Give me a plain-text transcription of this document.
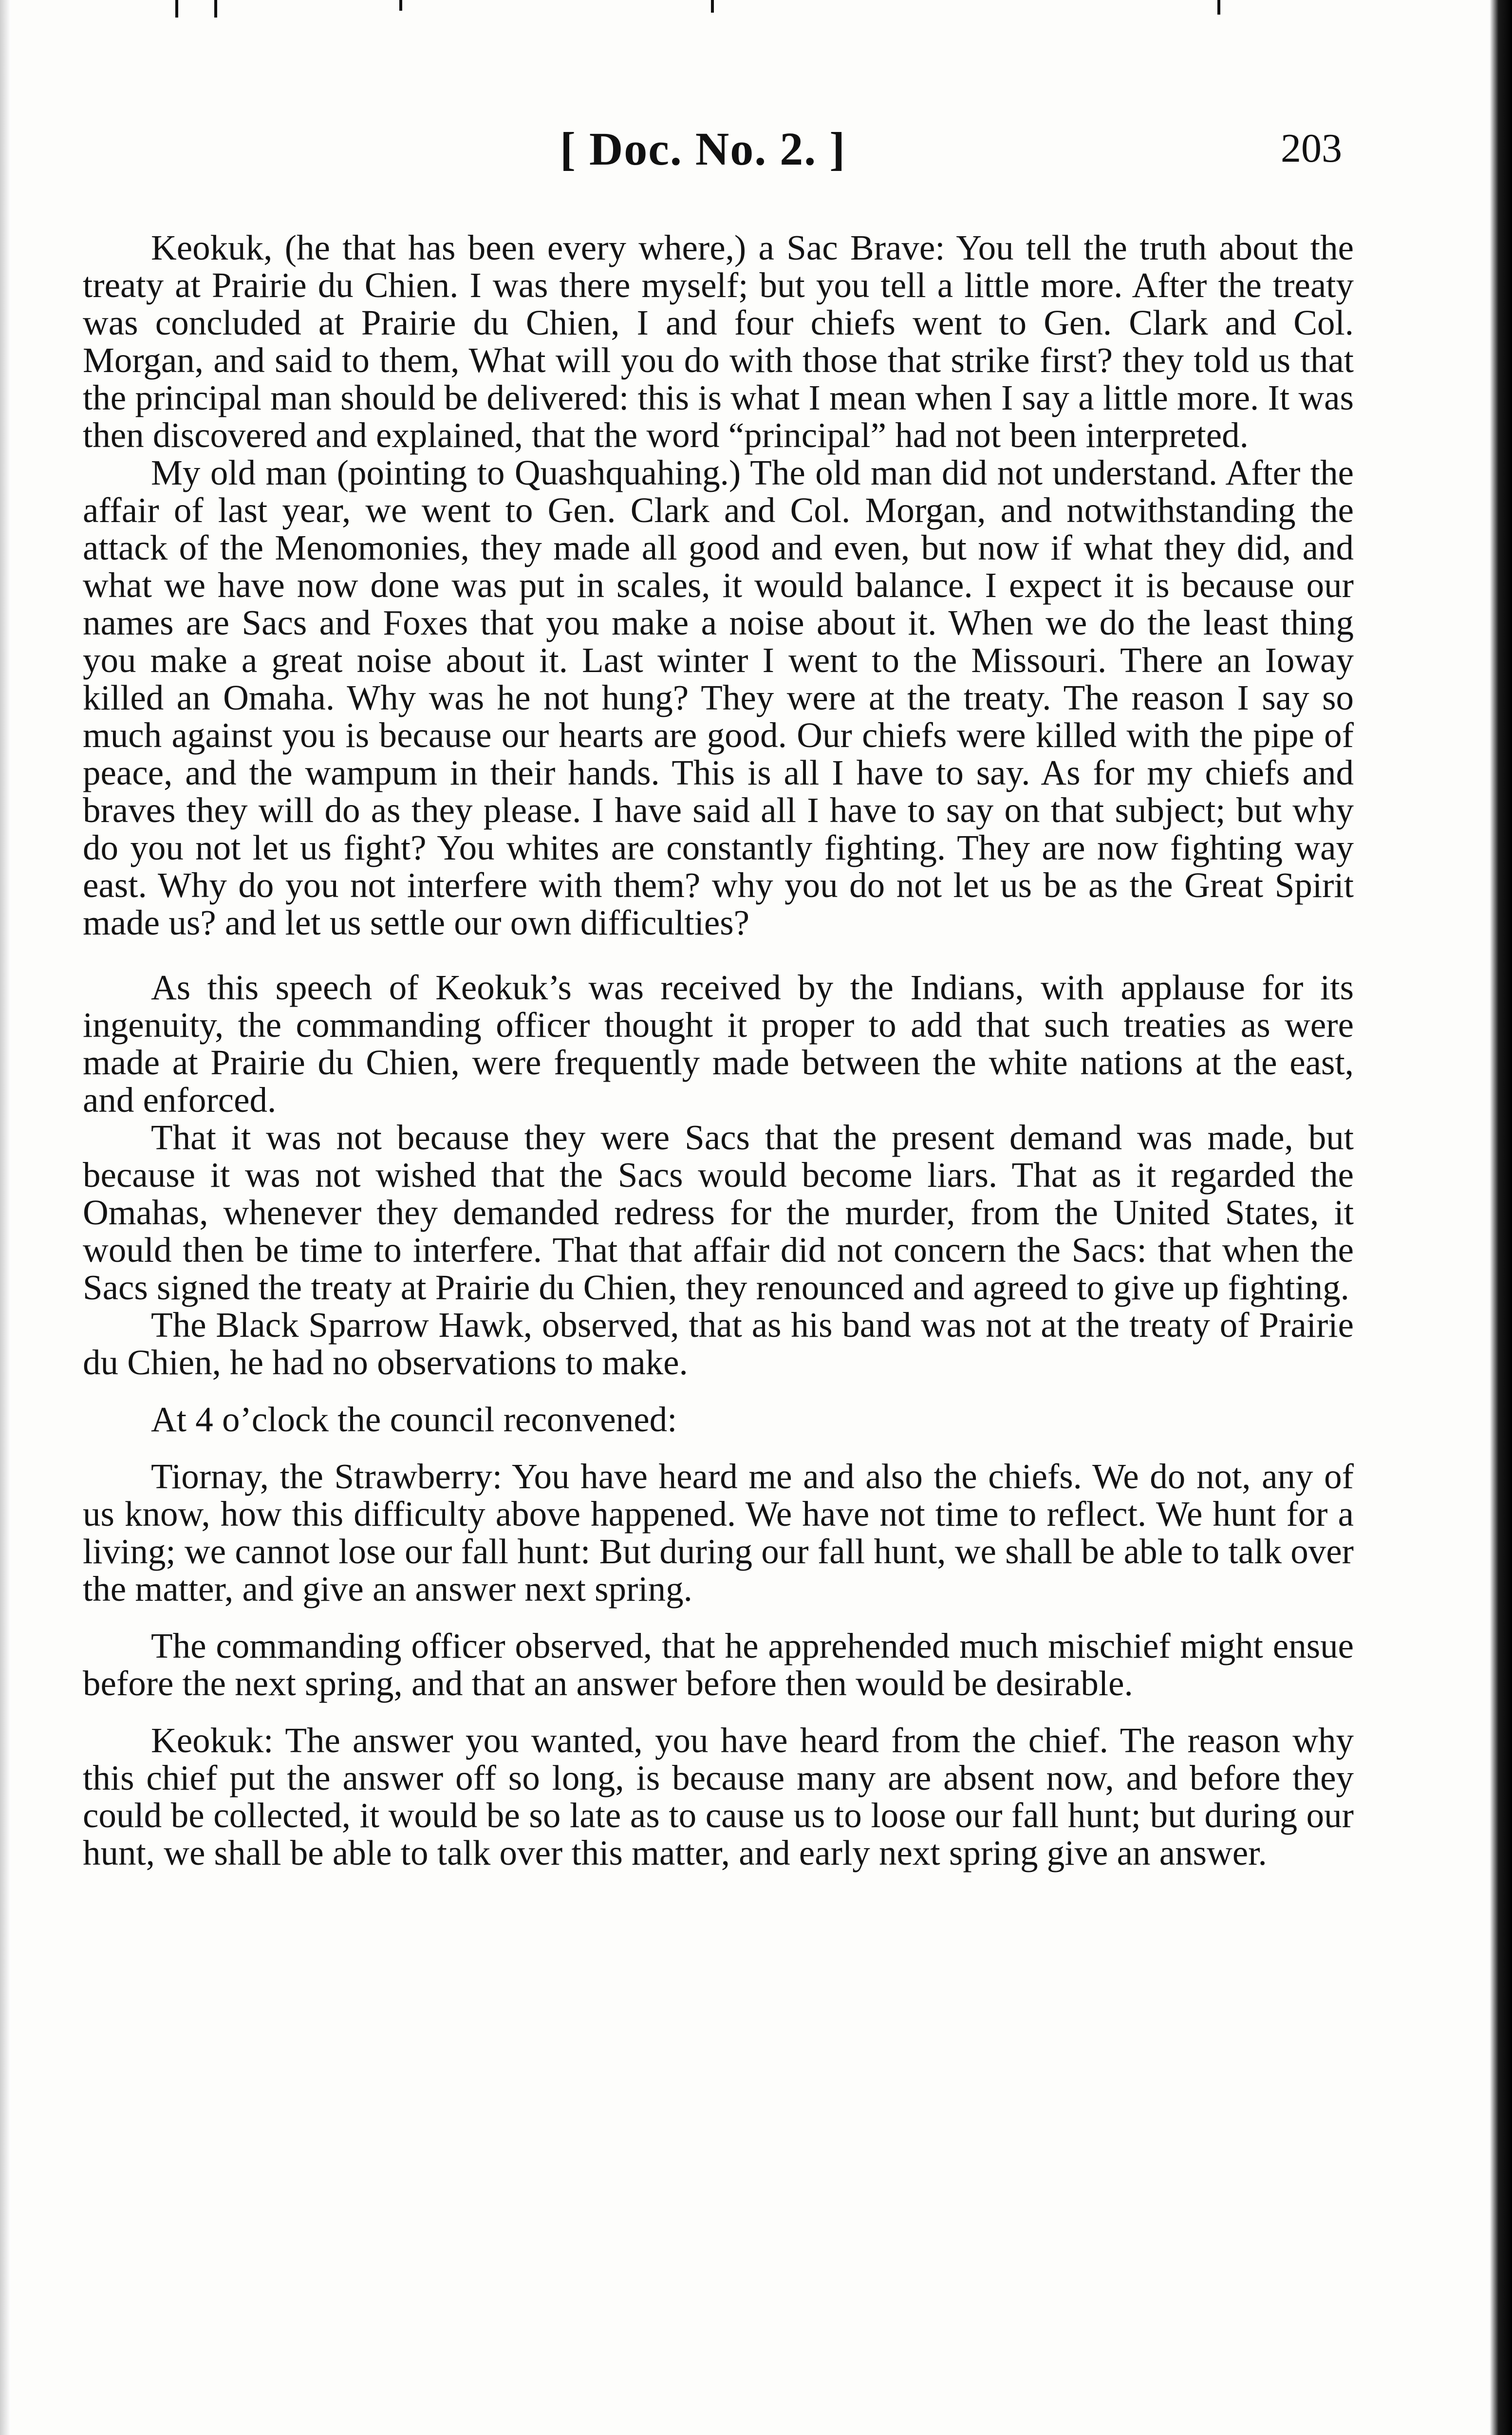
[ Doc. No. 2. ]	203

Keokuk, (he that has been every where,) a Sac Brave: You tell the truth about the treaty at Prairie du Chien. I was there myself; but you tell a little more. After the treaty was concluded at Prairie du Chien, I and four chiefs went to Gen. Clark and Col. Morgan, and said to them, What will you do with those that strike first? they told us that the principal man should be delivered: this is what I mean when I say a little more. It was then discovered and explained, that the word “principal” had not been interpreted.

My old man (pointing to Quashquahing.) The old man did not understand. After the affair of last year, we went to Gen. Clark and Col. Morgan, and notwithstanding the attack of the Menomonies, they made all good and even, but now if what they did, and what we have now done was put in scales, it would balance. I expect it is because our names are Sacs and Foxes that you make a noise about it. When we do the least thing you make a great noise about it. Last winter I went to the Missouri. There an Ioway killed an Omaha. Why was he not hung? They were at the treaty. The reason I say so much against you is because our hearts are good. Our chiefs were killed with the pipe of peace, and the wampum in their hands. This is all I have to say. As for my chiefs and braves they will do as they please. I have said all I have to say on that subject; but why do you not let us fight? You whites are constantly fighting. They are now fighting way east. Why do you not interfere with them? why you do not let us be as the Great Spirit made us? and let us settle our own difficulties?

As this speech of Keokuk’s was received by the Indians, with applause for its ingenuity, the commanding officer thought it proper to add that such treaties as were made at Prairie du Chien, were frequently made between the white nations at the east, and enforced.

That it was not because they were Sacs that the present demand was made, but because it was not wished that the Sacs would become liars. That as it regarded the Omahas, whenever they demanded redress for the murder, from the United States, it would then be time to interfere. That that affair did not concern the Sacs: that when the Sacs signed the treaty at Prairie du Chien, they renounced and agreed to give up fighting.

The Black Sparrow Hawk, observed, that as his band was not at the treaty of Prairie du Chien, he had no observations to make.

At 4 o’clock the council reconvened:

Tiornay, the Strawberry: You have heard me and also the chiefs. We do not, any of us know, how this difficulty above happened. We have not time to reflect. We hunt for a living; we cannot lose our fall hunt: But during our fall hunt, we shall be able to talk over the matter, and give an answer next spring.

The commanding officer observed, that he apprehended much mischief might ensue before the next spring, and that an answer before then would be desirable.

Keokuk: The answer you wanted, you have heard from the chief. The reason why this chief put the answer off so long, is because many are absent now, and before they could be collected, it would be so late as to cause us to loose our fall hunt; but during our hunt, we shall be able to talk over this matter, and early next spring give an answer.
